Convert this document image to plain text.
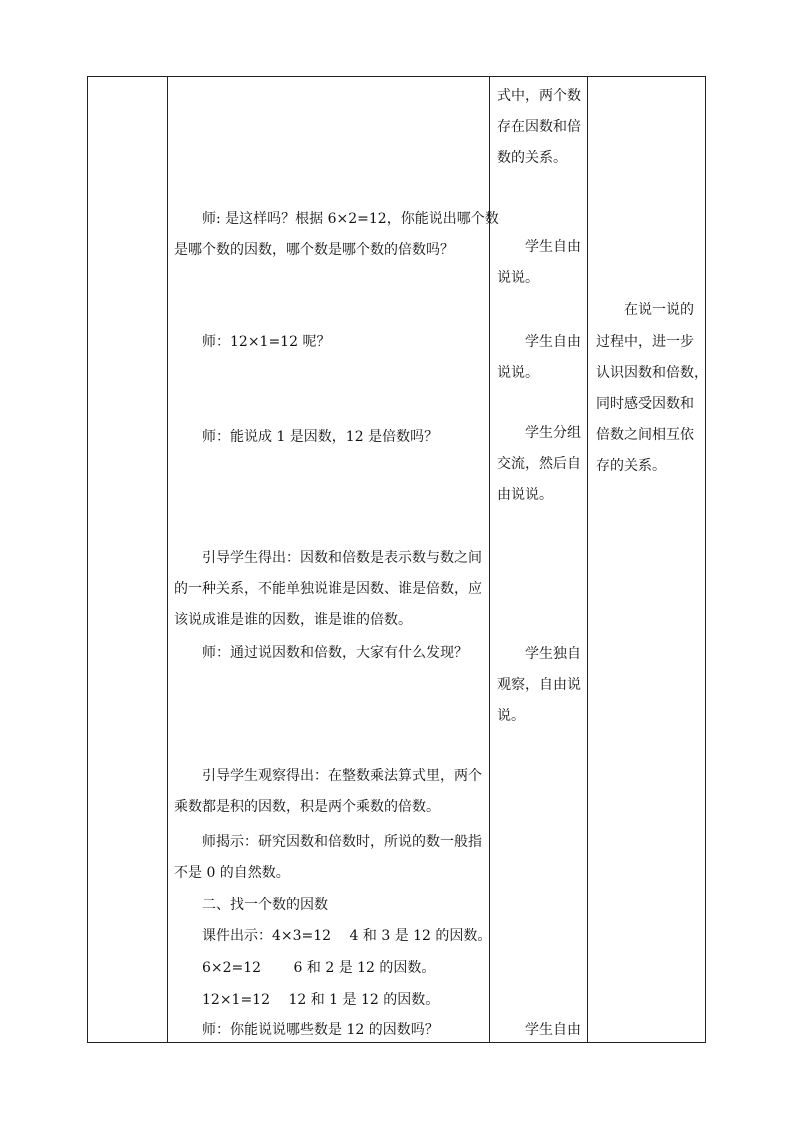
师: 是这样吗？根据 6×2=12，你能说出哪个数
是哪个数的因数，哪个数是哪个数的倍数吗？
师：12×1=12 呢？
师：能说成 1 是因数，12 是倍数吗？
引导学生得出：因数和倍数是表示数与数之间
的一种关系，不能单独说谁是因数、谁是倍数，应
该说成谁是谁的因数，谁是谁的倍数。
师：通过说因数和倍数，大家有什么发现？
引导学生观察得出：在整数乘法算式里，两个
乘数都是积的因数，积是两个乘数的倍数。
师揭示：研究因数和倍数时，所说的数一般指
不是 0 的自然数。
二、找一个数的因数
课件出示：4×3=12　 4 和 3 是 12 的因数。
6×2=12　　 6 和 2 是 12 的因数。
12×1=12　 12 和 1 是 12 的因数。
师：你能说说哪些数是 12 的因数吗？
式中，两个数
存在因数和倍
数的关系。
学生自由
说说。
学生自由
说说。
学生分组
交流，然后自
由说说。
学生独自
观察，自由说
说。
学生自由
在说一说的
过程中，进一步
认识因数和倍数，
同时感受因数和
倍数之间相互依
存的关系。
